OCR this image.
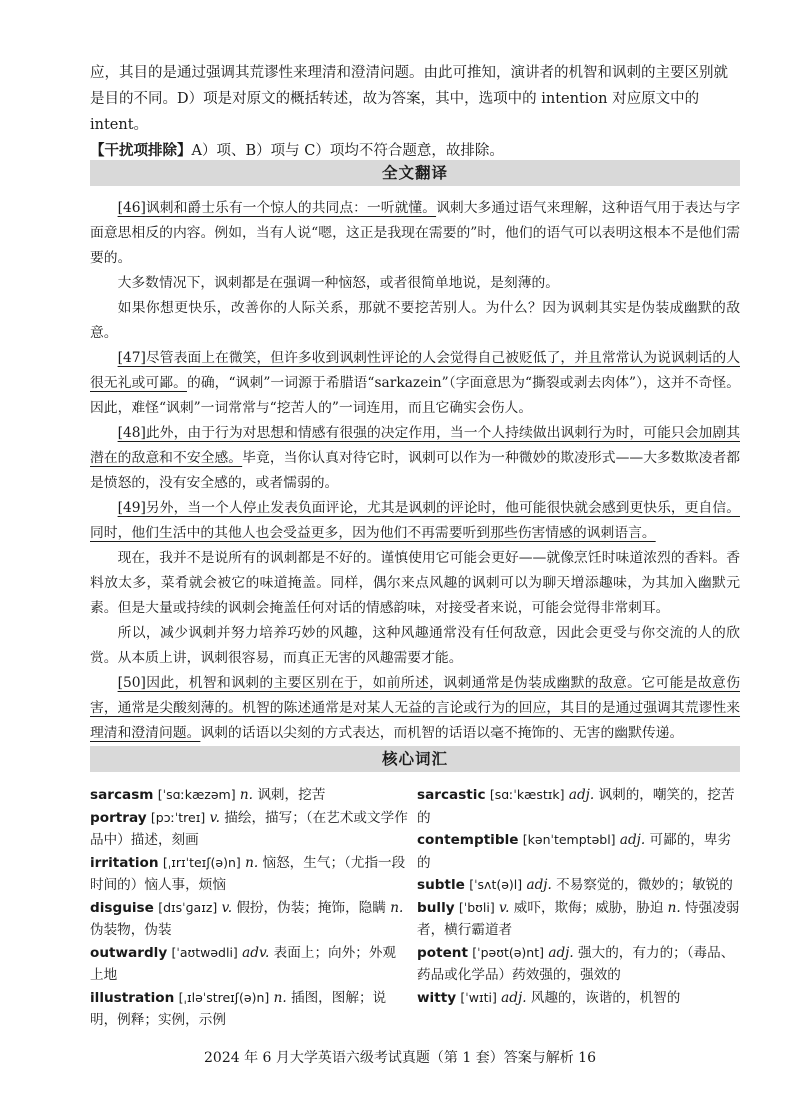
应，其目的是通过强调其荒谬性来理清和澄清问题。由此可推知，演讲者的机智和讽刺的主要区别就是目的不同。D）项是对原文的概括转述，故为答案，其中，选项中的 intention 对应原文中的 intent。

【干扰项排除】A）项、B）项与 C）项均不符合题意，故排除。

全文翻译

[46]讽刺和爵士乐有一个惊人的共同点：一听就懂。讽刺大多通过语气来理解，这种语气用于表达与字面意思相反的内容。例如，当有人说“嗯，这正是我现在需要的”时，他们的语气可以表明这根本不是他们需要的。

大多数情况下，讽刺都是在强调一种恼怒，或者很简单地说，是刻薄的。

如果你想更快乐，改善你的人际关系，那就不要挖苦别人。为什么？因为讽刺其实是伪装成幽默的敌意。

[47]尽管表面上在微笑，但许多收到讽刺性评论的人会觉得自己被贬低了，并且常常认为说讽刺话的人很无礼或可鄙。的确，“讽刺”一词源于希腊语“sarkazein”（字面意思为“撕裂或剥去肉体”），这并不奇怪。因此，难怪“讽刺”一词常常与“挖苦人的”一词连用，而且它确实会伤人。

[48]此外，由于行为对思想和情感有很强的决定作用，当一个人持续做出讽刺行为时，可能只会加剧其潜在的敌意和不安全感。毕竟，当你认真对待它时，讽刺可以作为一种微妙的欺凌形式——大多数欺凌者都是愤怒的，没有安全感的，或者懦弱的。

[49]另外，当一个人停止发表负面评论，尤其是讽刺的评论时，他可能很快就会感到更快乐，更自信。同时，他们生活中的其他人也会受益更多，因为他们不再需要听到那些伤害情感的讽刺语言。

现在，我并不是说所有的讽刺都是不好的。谨慎使用它可能会更好——就像烹饪时味道浓烈的香料。香料放太多，菜肴就会被它的味道掩盖。同样，偶尔来点风趣的讽刺可以为聊天增添趣味，为其加入幽默元素。但是大量或持续的讽刺会掩盖任何对话的情感韵味，对接受者来说，可能会觉得非常刺耳。

所以，减少讽刺并努力培养巧妙的风趣，这种风趣通常没有任何敌意，因此会更受与你交流的人的欣赏。从本质上讲，讽刺很容易，而真正无害的风趣需要才能。

[50]因此，机智和讽刺的主要区别在于，如前所述，讽刺通常是伪装成幽默的敌意。它可能是故意伤害，通常是尖酸刻薄的。机智的陈述通常是对某人无益的言论或行为的回应，其目的是通过强调其荒谬性来理清和澄清问题。讽刺的话语以尖刻的方式表达，而机智的话语以毫不掩饰的、无害的幽默传递。

核心词汇

sarcasm [ˈsɑːkæzəm] n. 讽刺，挖苦

portray [pɔːˈtreɪ] v. 描绘，描写；（在艺术或文学作品中）描述，刻画

irritation [ˌɪrɪˈteɪʃ(ə)n] n. 恼怒，生气；（尤指一段时间的）恼人事，烦恼

disguise [dɪsˈɡaɪz] v. 假扮，伪装；掩饰，隐瞒 n. 伪装物，伪装

outwardly [ˈaʊtwədli] adv. 表面上；向外；外观上地

illustration [ˌɪləˈstreɪʃ(ə)n] n. 插图，图解；说明，例释；实例，示例

sarcastic [sɑːˈkæstɪk] adj. 讽刺的，嘲笑的，挖苦的

contemptible [kənˈtemptəbl] adj. 可鄙的，卑劣的

subtle [ˈsʌt(ə)l] adj. 不易察觉的，微妙的；敏锐的

bully [ˈbʊli] v. 威吓，欺侮；威胁，胁迫 n. 恃强凌弱者，横行霸道者

potent [ˈpəʊt(ə)nt] adj. 强大的，有力的；（毒品、药品或化学品）药效强的，强效的

witty [ˈwɪti] adj. 风趣的，诙谐的，机智的

2024 年 6 月大学英语六级考试真题（第 1 套）答案与解析 16
